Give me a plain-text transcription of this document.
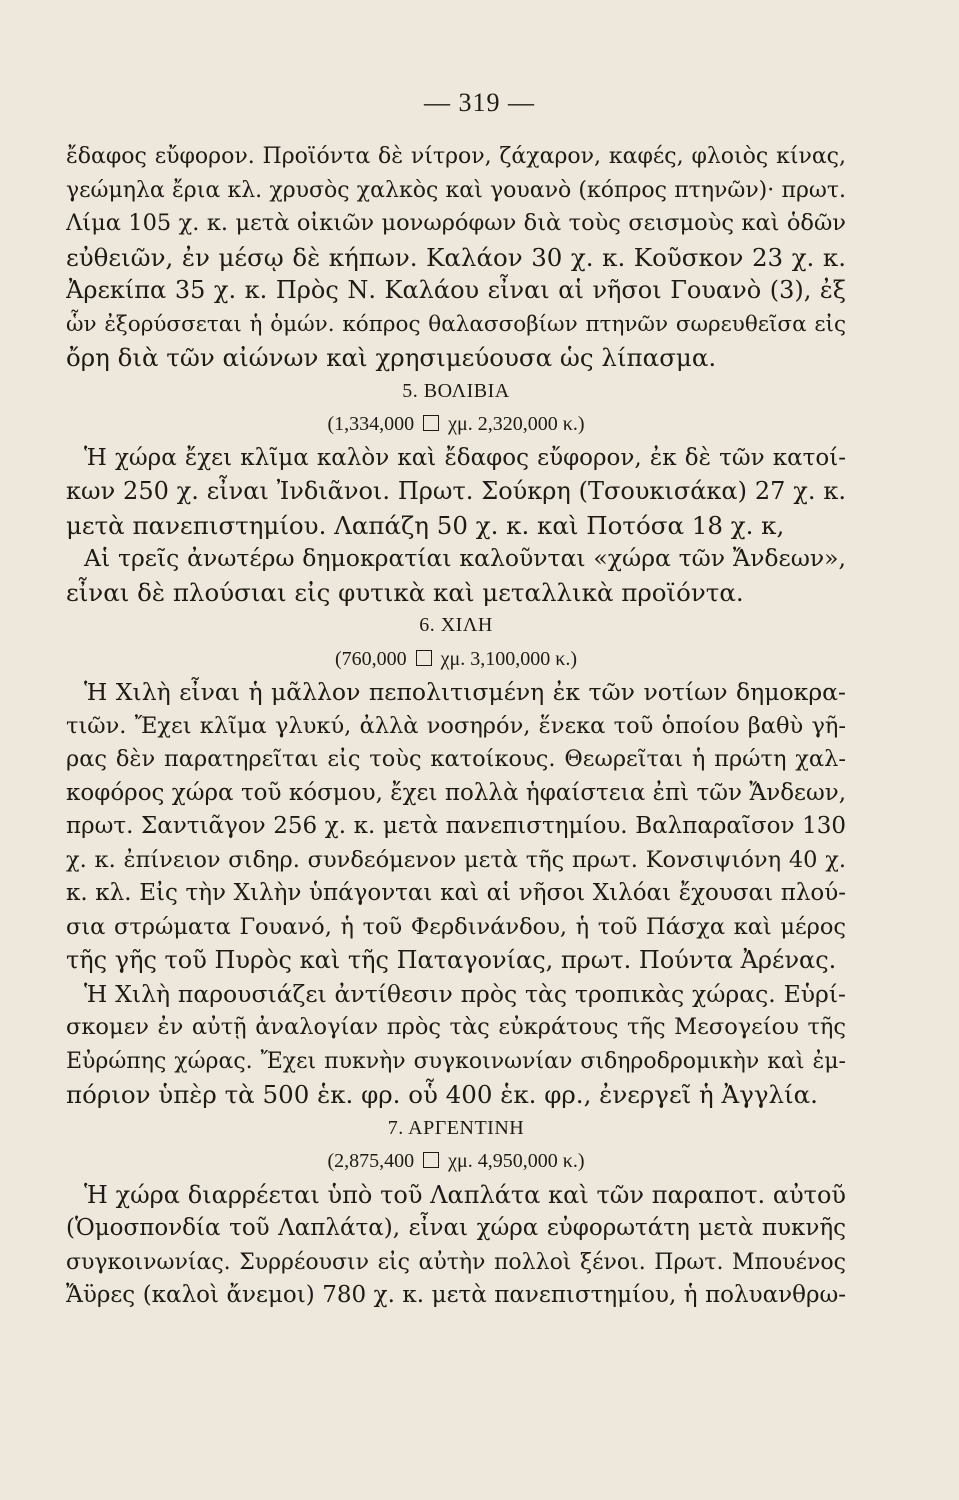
— 319 —
ἔδαφος εὔφορον. Προϊόντα δὲ νίτρον, ζάχαρον, καφές, φλοιὸς κίνας,
γεώμηλα ἔρια κλ. χρυσὸς χαλκὸς καὶ γουανὸ (κόπρος πτηνῶν)· πρωτ.
Λίμα 105 χ. κ. μετὰ οἰκιῶν μονωρόφων διὰ τοὺς σεισμοὺς καὶ ὁδῶν
εὐθειῶν, ἐν μέσῳ δὲ κήπων. Καλάον 30 χ. κ. Κοῦσκον 23 χ. κ.
Ἀρεκίπα 35 χ. κ. Πρὸς Ν. Καλάου εἶναι αἱ νῆσοι Γουανὸ (3), ἐξ
ὧν ἐξορύσσεται ἡ ὁμών. κόπρος θαλασσοβίων πτηνῶν σωρευθεῖσα εἰς
ὄρη διὰ τῶν αἰώνων καὶ χρησιμεύουσα ὡς λίπασμα.
5. ΒΟΛΙΒΙΑ
(1,334,000 χμ. 2,320,000 κ.)
Ἡ χώρα ἔχει κλῖμα καλὸν καὶ ἔδαφος εὔφορον, ἐκ δὲ τῶν κατοί-
κων 250 χ. εἶναι Ἰνδιᾶνοι. Πρωτ. Σούκρη (Τσουκισάκα) 27 χ. κ.
μετὰ πανεπιστημίου. Λαπάζη 50 χ. κ. καὶ Ποτόσα 18 χ. κ,
Αἱ τρεῖς ἀνωτέρω δημοκρατίαι καλοῦνται «χώρα τῶν Ἄνδεων»,
εἶναι δὲ πλούσιαι εἰς φυτικὰ καὶ μεταλλικὰ προϊόντα.
6. ΧΙΛΗ
(760,000 χμ. 3,100,000 κ.)
Ἡ Χιλὴ εἶναι ἡ μᾶλλον πεπολιτισμένη ἐκ τῶν νοτίων δημοκρα-
τιῶν. Ἔχει κλῖμα γλυκύ, ἀλλὰ νοσηρόν, ἕνεκα τοῦ ὁποίου βαθὺ γῆ-
ρας δὲν παρατηρεῖται εἰς τοὺς κατοίκους. Θεωρεῖται ἡ πρώτη χαλ-
κοφόρος χώρα τοῦ κόσμου, ἔχει πολλὰ ἡφαίστεια ἐπὶ τῶν Ἄνδεων,
πρωτ. Σαντιᾶγον 256 χ. κ. μετὰ πανεπιστημίου. Βαλπαραῖσον 130
χ. κ. ἐπίνειον σιδηρ. συνδεόμενον μετὰ τῆς πρωτ. Κονσιψιόνη 40 χ.
κ. κλ. Εἰς τὴν Χιλὴν ὑπάγονται καὶ αἱ νῆσοι Χιλόαι ἔχουσαι πλού-
σια στρώματα Γουανό, ἡ τοῦ Φερδινάνδου, ἡ τοῦ Πάσχα καὶ μέρος
τῆς γῆς τοῦ Πυρὸς καὶ τῆς Παταγονίας, πρωτ. Πούντα Ἀρένας.
Ἡ Χιλὴ παρουσιάζει ἀντίθεσιν πρὸς τὰς τροπικὰς χώρας. Εὑρί-
σκομεν ἐν αὐτῇ ἀναλογίαν πρὸς τὰς εὐκράτους τῆς Μεσογείου τῆς
Εὐρώπης χώρας. Ἔχει πυκνὴν συγκοινωνίαν σιδηροδρομικὴν καὶ ἐμ-
πόριον ὑπὲρ τὰ 500 ἑκ. φρ. οὗ 400 ἑκ. φρ., ἐνεργεῖ ἡ Ἀγγλία.
7. ΑΡΓΕΝΤΙΝΗ
(2,875,400 χμ. 4,950,000 κ.)
Ἡ χώρα διαρρέεται ὑπὸ τοῦ Λαπλάτα καὶ τῶν παραποτ. αὐτοῦ
(Ὁμοσπονδία τοῦ Λαπλάτα), εἶναι χώρα εὐφορωτάτη μετὰ πυκνῆς
συγκοινωνίας. Συρρέουσιν εἰς αὐτὴν πολλοὶ ξένοι. Πρωτ. Μπουένος
Ἄϋρες (καλοὶ ἄνεμοι) 780 χ. κ. μετὰ πανεπιστημίου, ἡ πολυανθρω-
